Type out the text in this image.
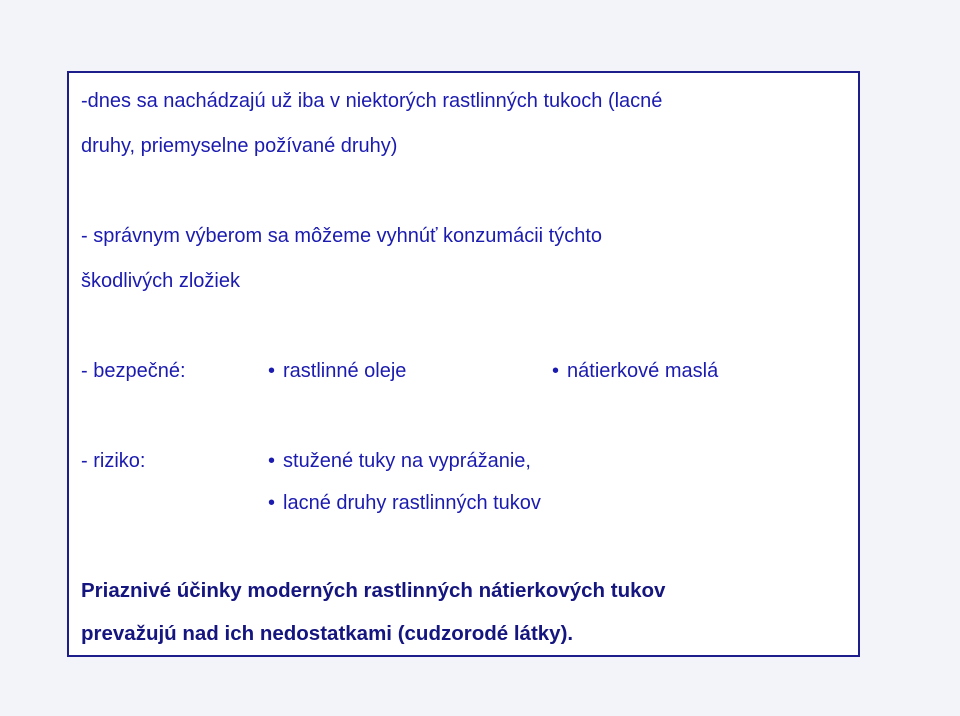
-dnes sa nachádzajú už iba v niektorých rastlinných tukoch (lacné
druhy, priemyselne požívané druhy)
- správnym výberom sa môžeme vyhnúť konzumácii týchto
škodlivých zložiek
- bezpečné:	• rastlinné oleje	• nátierkové maslá
- riziko:	• stužené tuky na vyprážanie,
• lacné druhy rastlinných tukov
Priaznivé účinky moderných rastlinných nátierkových tukov
prevažujú nad ich nedostatkami (cudzorodé látky).
